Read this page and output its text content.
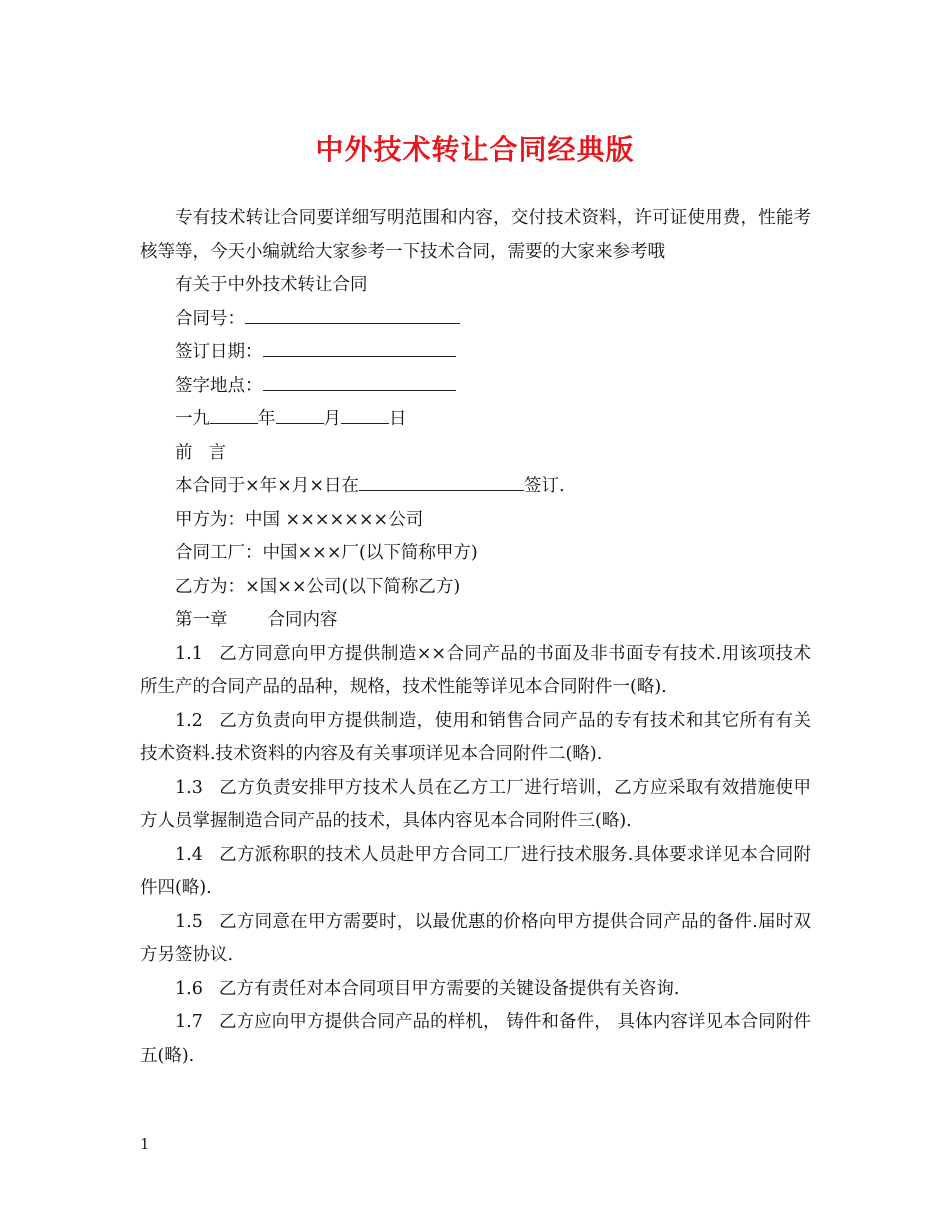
中外技术转让合同经典版

专有技术转让合同要详细写明范围和内容，交付技术资料，许可证使用费，性能考核等等，今天小编就给大家参考一下技术合同，需要的大家来参考哦

有关于中外技术转让合同

合同号：

签订日期：

签字地点：

一九	年	月	日

前 言

本合同于×年×月×日在	签订.

甲方为：中国 ×××××××公司

合同工厂：中国×××厂(以下简称甲方)

乙方为：×国××公司(以下简称乙方)

第一章 合同内容

1.1 乙方同意向甲方提供制造××合同产品的书面及非书面专有技术.用该项技术所生产的合同产品的品种，规格，技术性能等详见本合同附件一(略).

1.2 乙方负责向甲方提供制造，使用和销售合同产品的专有技术和其它所有有关技术资料.技术资料的内容及有关事项详见本合同附件二(略).

1.3 乙方负责安排甲方技术人员在乙方工厂进行培训，乙方应采取有效措施使甲方人员掌握制造合同产品的技术，具体内容见本合同附件三(略).

1.4 乙方派称职的技术人员赴甲方合同工厂进行技术服务.具体要求详见本合同附件四(略).

1.5 乙方同意在甲方需要时，以最优惠的价格向甲方提供合同产品的备件.届时双方另签协议.

1.6 乙方有责任对本合同项目甲方需要的关键设备提供有关咨询.

1.7 乙方应向甲方提供合同产品的样机， 铸件和备件， 具体内容详见本合同附件五(略).

1
